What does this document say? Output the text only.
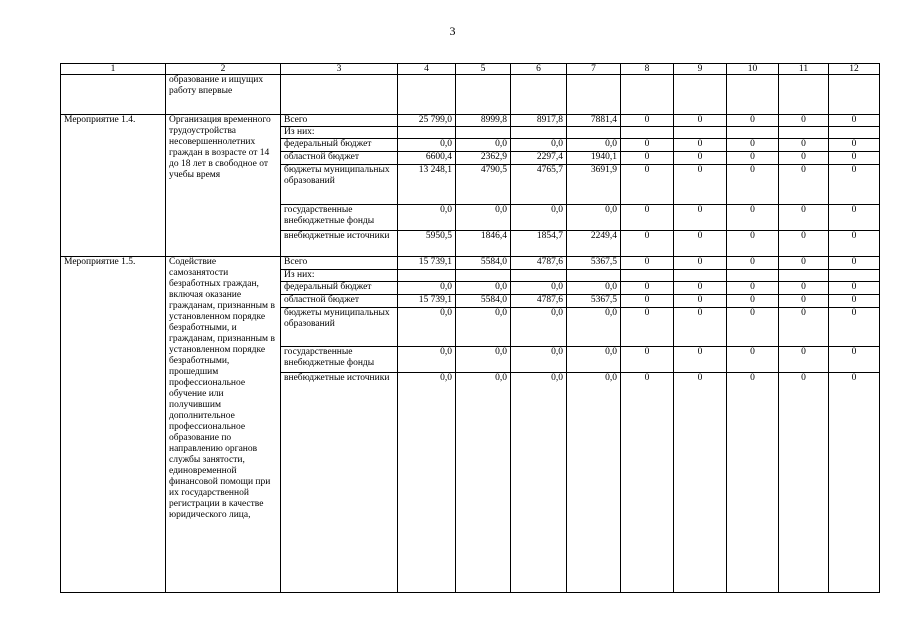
3
1	2	3	4	5	6	7	8	9	10	11	12
	образование и ищущих работу впервые										
Мероприятие 1.4.	Организация временного трудоустройства несовершеннолетних граждан в возрасте от 14 до 18 лет в свободное от учебы время	Всего	25 799,0	8999,8	8917,8	7881,4	0	0	0	0	0
		Из них:									
		федеральный бюджет	0,0	0,0	0,0	0,0	0	0	0	0	0
		областной бюджет	6600,4	2362,9	2297,4	1940,1	0	0	0	0	0
		бюджеты муниципальных образований	13 248,1	4790,5	4765,7	3691,9	0	0	0	0	0
		государственные внебюджетные фонды	0,0	0,0	0,0	0,0	0	0	0	0	0
		внебюджетные источники	5950,5	1846,4	1854,7	2249,4	0	0	0	0	0
Мероприятие 1.5.	Содействие самозанятости безработных граждан, включая оказание гражданам, признанным в установленном порядке безработными, и гражданам, признанным в установленном порядке безработными, прошедшим профессиональное обучение или получившим дополнительное профессиональное образование по направлению органов службы занятости, единовременной финансовой помощи при их государственной регистрации в качестве юридического лица,	Всего	15 739,1	5584,0	4787,6	5367,5	0	0	0	0	0
		Из них:									
		федеральный бюджет	0,0	0,0	0,0	0,0	0	0	0	0	0
		областной бюджет	15 739,1	5584,0	4787,6	5367,5	0	0	0	0	0
		бюджеты муниципальных образований	0,0	0,0	0,0	0,0	0	0	0	0	0
		государственные внебюджетные фонды	0,0	0,0	0,0	0,0	0	0	0	0	0
		внебюджетные источники	0,0	0,0	0,0	0,0	0	0	0	0	0
